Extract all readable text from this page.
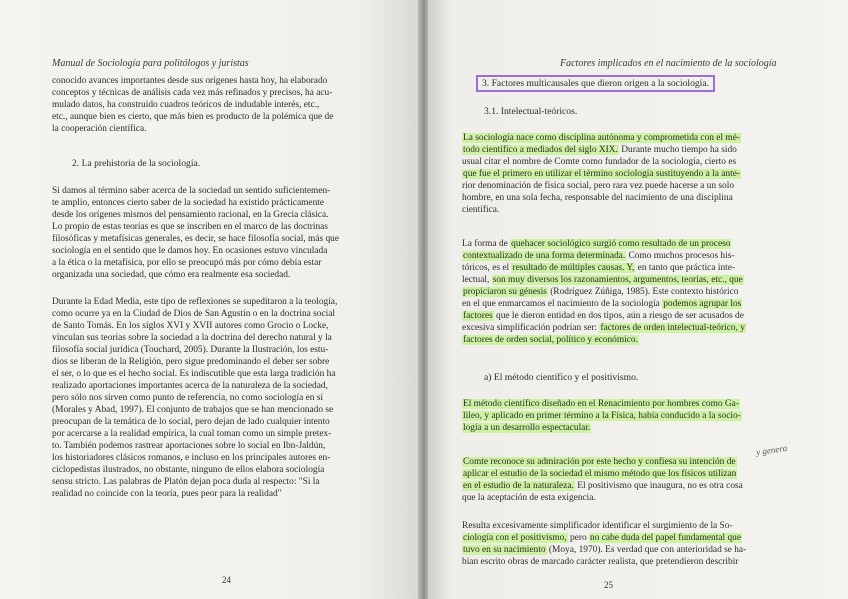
Manual de Sociología para politólogos y juristas
conocido avances importantes desde sus orígenes hasta hoy, ha elaborado
conceptos y técnicas de análisis cada vez más refinados y precisos, ha acu-
mulado datos, ha construido cuadros teóricos de indudable interés, etc.,
etc., aunque bien es cierto, que más bien es producto de la polémica que de
la cooperación científica.
2. La prehistoria de la sociología.
Si damos al término saber acerca de la sociedad un sentido suficientemen-
te amplio, entonces cierto saber de la sociedad ha existido prácticamente
desde los orígenes mismos del pensamiento racional, en la Grecia clásica.
Lo propio de estas teorías es que se inscriben en el marco de las doctrinas
filosóficas y metafísicas generales, es decir, se hace filosofía social, más que
sociología en el sentido que le damos hoy. En ocasiones estuvo vinculada
a la ética o la metafísica, por ello se preocupó más por cómo debía estar
organizada una sociedad, que cómo era realmente esa sociedad.
Durante la Edad Media, este tipo de reflexiones se supeditaron a la teología,
como ocurre ya en la Ciudad de Dios de San Agustín o en la doctrina social
de Santo Tomás. En los siglos XVI y XVII autores como Grocio o Locke,
vinculan sus teorías sobre la sociedad a la doctrina del derecho natural y la
filosofía social jurídica (Touchard, 2005). Durante la Ilustración, los estu-
dios se liberan de la Religión, pero sigue predominando el deber ser sobre
el ser, o lo que es el hecho social. Es indiscutible que esta larga tradición ha
realizado aportaciones importantes acerca de la naturaleza de la sociedad,
pero sólo nos sirven como punto de referencia, no como sociología en sí
(Morales y Abad, 1997). El conjunto de trabajos que se han mencionado se
preocupan de la temática de lo social, pero dejan de lado cualquier intento
por acercarse a la realidad empírica, la cual toman como un simple pretex-
to. También podemos rastrear aportaciones sobre lo social en Ibn-Jaldún,
los historiadores clásicos romanos, e incluso en los principales autores en-
ciclopedistas ilustrados, no obstante, ninguno de ellos elabora sociología
sensu stricto. Las palabras de Platón dejan poca duda al respecto: "Si la
realidad no coincide con la teoría, pues peor para la realidad"
24
Factores implicados en el nacimiento de la sociología
3. Factores multicausales que dieron origen a la sociología.
3.1. Intelectual-teóricos.
La sociología nace como disciplina autónoma y comprometida con el mé-
todo científico a mediados del siglo XIX. Durante mucho tiempo ha sido
usual citar el nombre de Comte como fundador de la sociología, cierto es
que fue el primero en utilizar el término sociología sustituyendo a la ante-
rior denominación de física social, pero rara vez puede hacerse a un solo
hombre, en una sola fecha, responsable del nacimiento de una disciplina
científica.
La forma de quehacer sociológico surgió como resultado de un proceso
contextualizado de una forma determinada. Como muchos procesos his-
tóricos, es el resultado de múltiples causas. Y, en tanto que práctica inte-
lectual, son muy diversos los razonamientos, argumentos, teorías, etc., que
propiciaron su génesis (Rodríguez Zúñiga, 1985). Este contexto histórico
en el que enmarcamos el nacimiento de la sociología podemos agrupar los
factores que le dieron entidad en dos tipos, aún a riesgo de ser acusados de
excesiva simplificación podrían ser: factores de orden intelectual-teórico, y
factores de orden social, político y económico.
a) El método científico y el positivismo.
El método científico diseñado en el Renacimiento por hombres como Ga-
lileo, y aplicado en primer término a la Física, había conducido a la socio-
logía a un desarrollo espectacular.
y genera
Comte reconoce su admiración por este hecho y confiesa su intención de
aplicar el estudio de la sociedad el mismo método que los físicos utilizan
en el estudio de la naturaleza. El positivismo que inaugura, no es otra cosa
que la aceptación de esta exigencia.
Resulta excesivamente simplificador identificar el surgimiento de la So-
ciología con el positivismo, pero no cabe duda del papel fundamental que
tuvo en su nacimiento (Moya, 1970). Es verdad que con anterioridad se ha-
bían escrito obras de marcado carácter realista, que pretendieron describir
25
